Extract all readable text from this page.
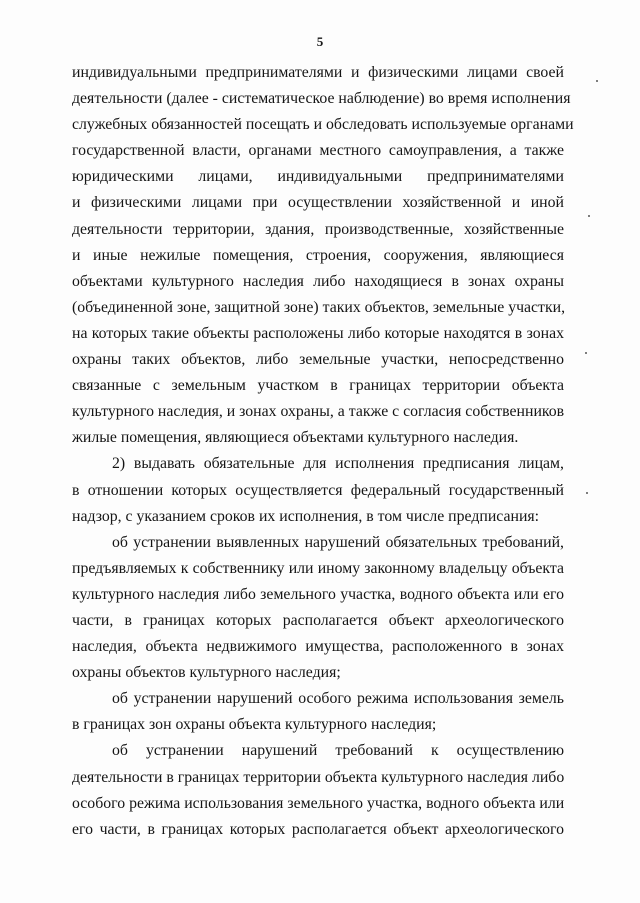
5
индивидуальными предпринимателями и физическими лицами своей
деятельности (далее - систематическое наблюдение) во время исполнения
служебных обязанностей посещать и обследовать используемые органами
государственной власти, органами местного самоуправления, а также
юридическими лицами, индивидуальными предпринимателями
и физическими лицами при осуществлении хозяйственной и иной
деятельности территории, здания, производственные, хозяйственные
и иные нежилые помещения, строения, сооружения, являющиеся
объектами культурного наследия либо находящиеся в зонах охраны
(объединенной зоне, защитной зоне) таких объектов, земельные участки,
на которых такие объекты расположены либо которые находятся в зонах
охраны таких объектов, либо земельные участки, непосредственно
связанные с земельным участком в границах территории объекта
культурного наследия, и зонах охраны, а также с согласия собственников
жилые помещения, являющиеся объектами культурного наследия.
2) выдавать обязательные для исполнения предписания лицам,
в отношении которых осуществляется федеральный государственный
надзор, с указанием сроков их исполнения, в том числе предписания:
об устранении выявленных нарушений обязательных требований,
предъявляемых к собственнику или иному законному владельцу объекта
культурного наследия либо земельного участка, водного объекта или его
части, в границах которых располагается объект археологического
наследия, объекта недвижимого имущества, расположенного в зонах
охраны объектов культурного наследия;
об устранении нарушений особого режима использования земель
в границах зон охраны объекта культурного наследия;
об устранении нарушений требований к осуществлению
деятельности в границах территории объекта культурного наследия либо
особого режима использования земельного участка, водного объекта или
его части, в границах которых располагается объект археологического
